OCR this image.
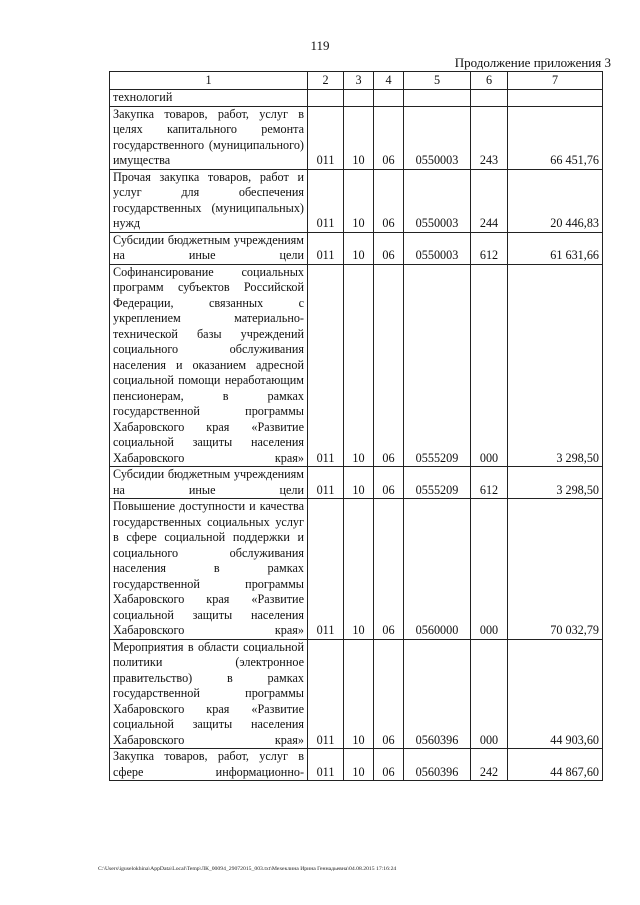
119
Продолжение приложения 3
1	2	3	4	5	6	7
технологий						
Закупка товаров, работ, услуг в целях капитального ремонта государственного (муниципального) имущества	011	10	06	0550003	243	66 451,76
Прочая закупка товаров, работ и услуг для обеспечения государственных (муниципальных) нужд	011	10	06	0550003	244	20 446,83
Субсидии бюджетным учреждениям на иные цели	011	10	06	0550003	612	61 631,66
Софинансирование социальных программ субъектов Российской Федерации, связанных с укреплением материально-технической базы учреждений социального обслуживания населения и оказанием адресной социальной помощи неработающим пенсионерам, в рамках государственной программы Хабаровского края «Развитие социальной защиты населения Хабаровского края»	011	10	06	0555209	000	3 298,50
Субсидии бюджетным учреждениям на иные цели	011	10	06	0555209	612	3 298,50
Повышение доступности и качества государственных социальных услуг в сфере социальной поддержки и социального обслуживания населения в рамках государственной программы Хабаровского края «Развитие социальной защиты населения Хабаровского края»	011	10	06	0560000	000	70 032,79
Мероприятия в области социальной политики (электронное правительство) в рамках государственной программы Хабаровского края «Развитие социальной защиты населения Хабаровского края»	011	10	06	0560396	000	44 903,60
Закупка товаров, работ, услуг в сфере информационно-	011	10	06	0560396	242	44 867,60
C:\Users\iguselokhina\AppData\Local\Temp\ЛК_00094_29072015_003.txt\Мехеклина Ирина Геннадьевна\04.08.2015 17:16:24
